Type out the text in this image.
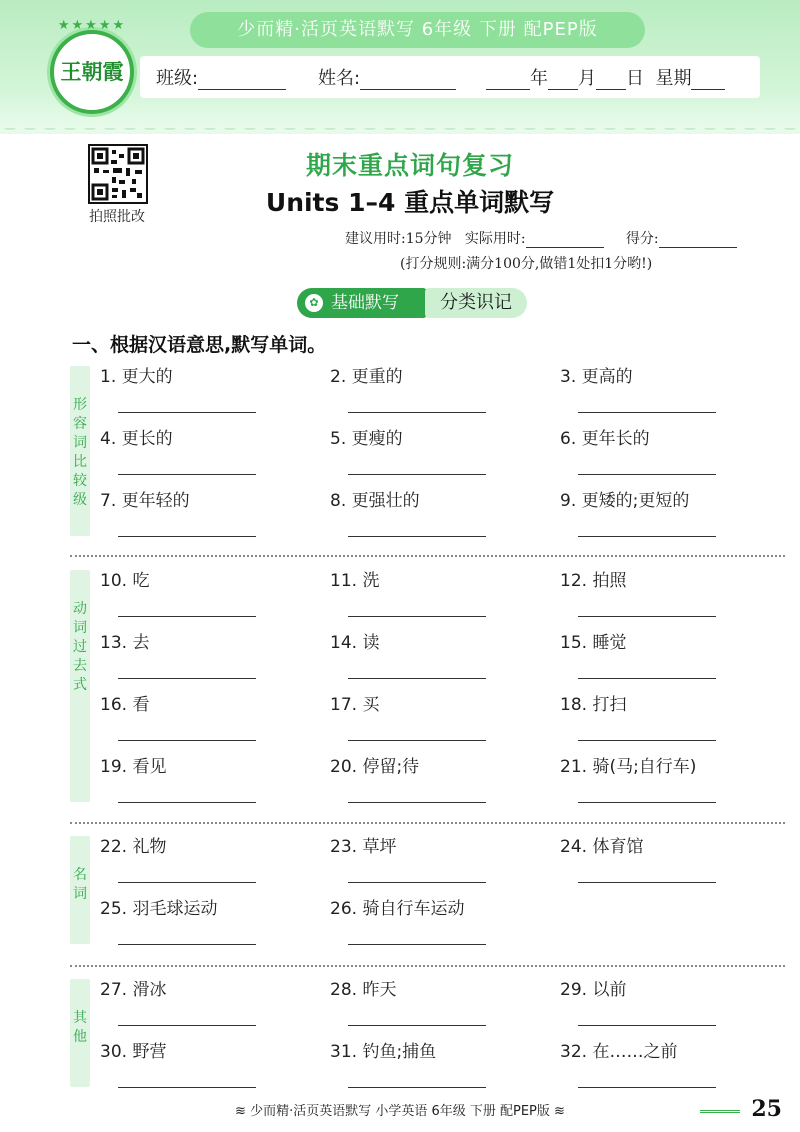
少而精·活页英语默写 6年级 下册 配PEP版
★★★★★
王朝霞	班级:	姓名:	年 月 日 星期
拍照批改
期末重点词句复习
Units 1–4 重点单词默写
建议用时:15分钟 实际用时:	得分:
(打分规则:满分100分,做错1处扣1分哟!)
✿ 基础默写	分类识记
一、根据汉语意思,默写单词。
形
容
词
比
较
级
1. 更大的	2. 更重的	3. 更高的
4. 更长的	5. 更瘦的	6. 更年长的
7. 更年轻的	8. 更强壮的	9. 更矮的;更短的
动
词
过
去
式
10. 吃	11. 洗	12. 拍照
13. 去	14. 读	15. 睡觉
16. 看	17. 买	18. 打扫
19. 看见	20. 停留;待	21. 骑(马;自行车)
名
词
22. 礼物	23. 草坪	24. 体育馆
25. 羽毛球运动	26. 骑自行车运动
其
他
27. 滑冰	28. 昨天	29. 以前
30. 野营	31. 钓鱼;捕鱼	32. 在……之前
≋ 少而精·活页英语默写 小学英语 6年级 下册 配PEP版 ≋	25
